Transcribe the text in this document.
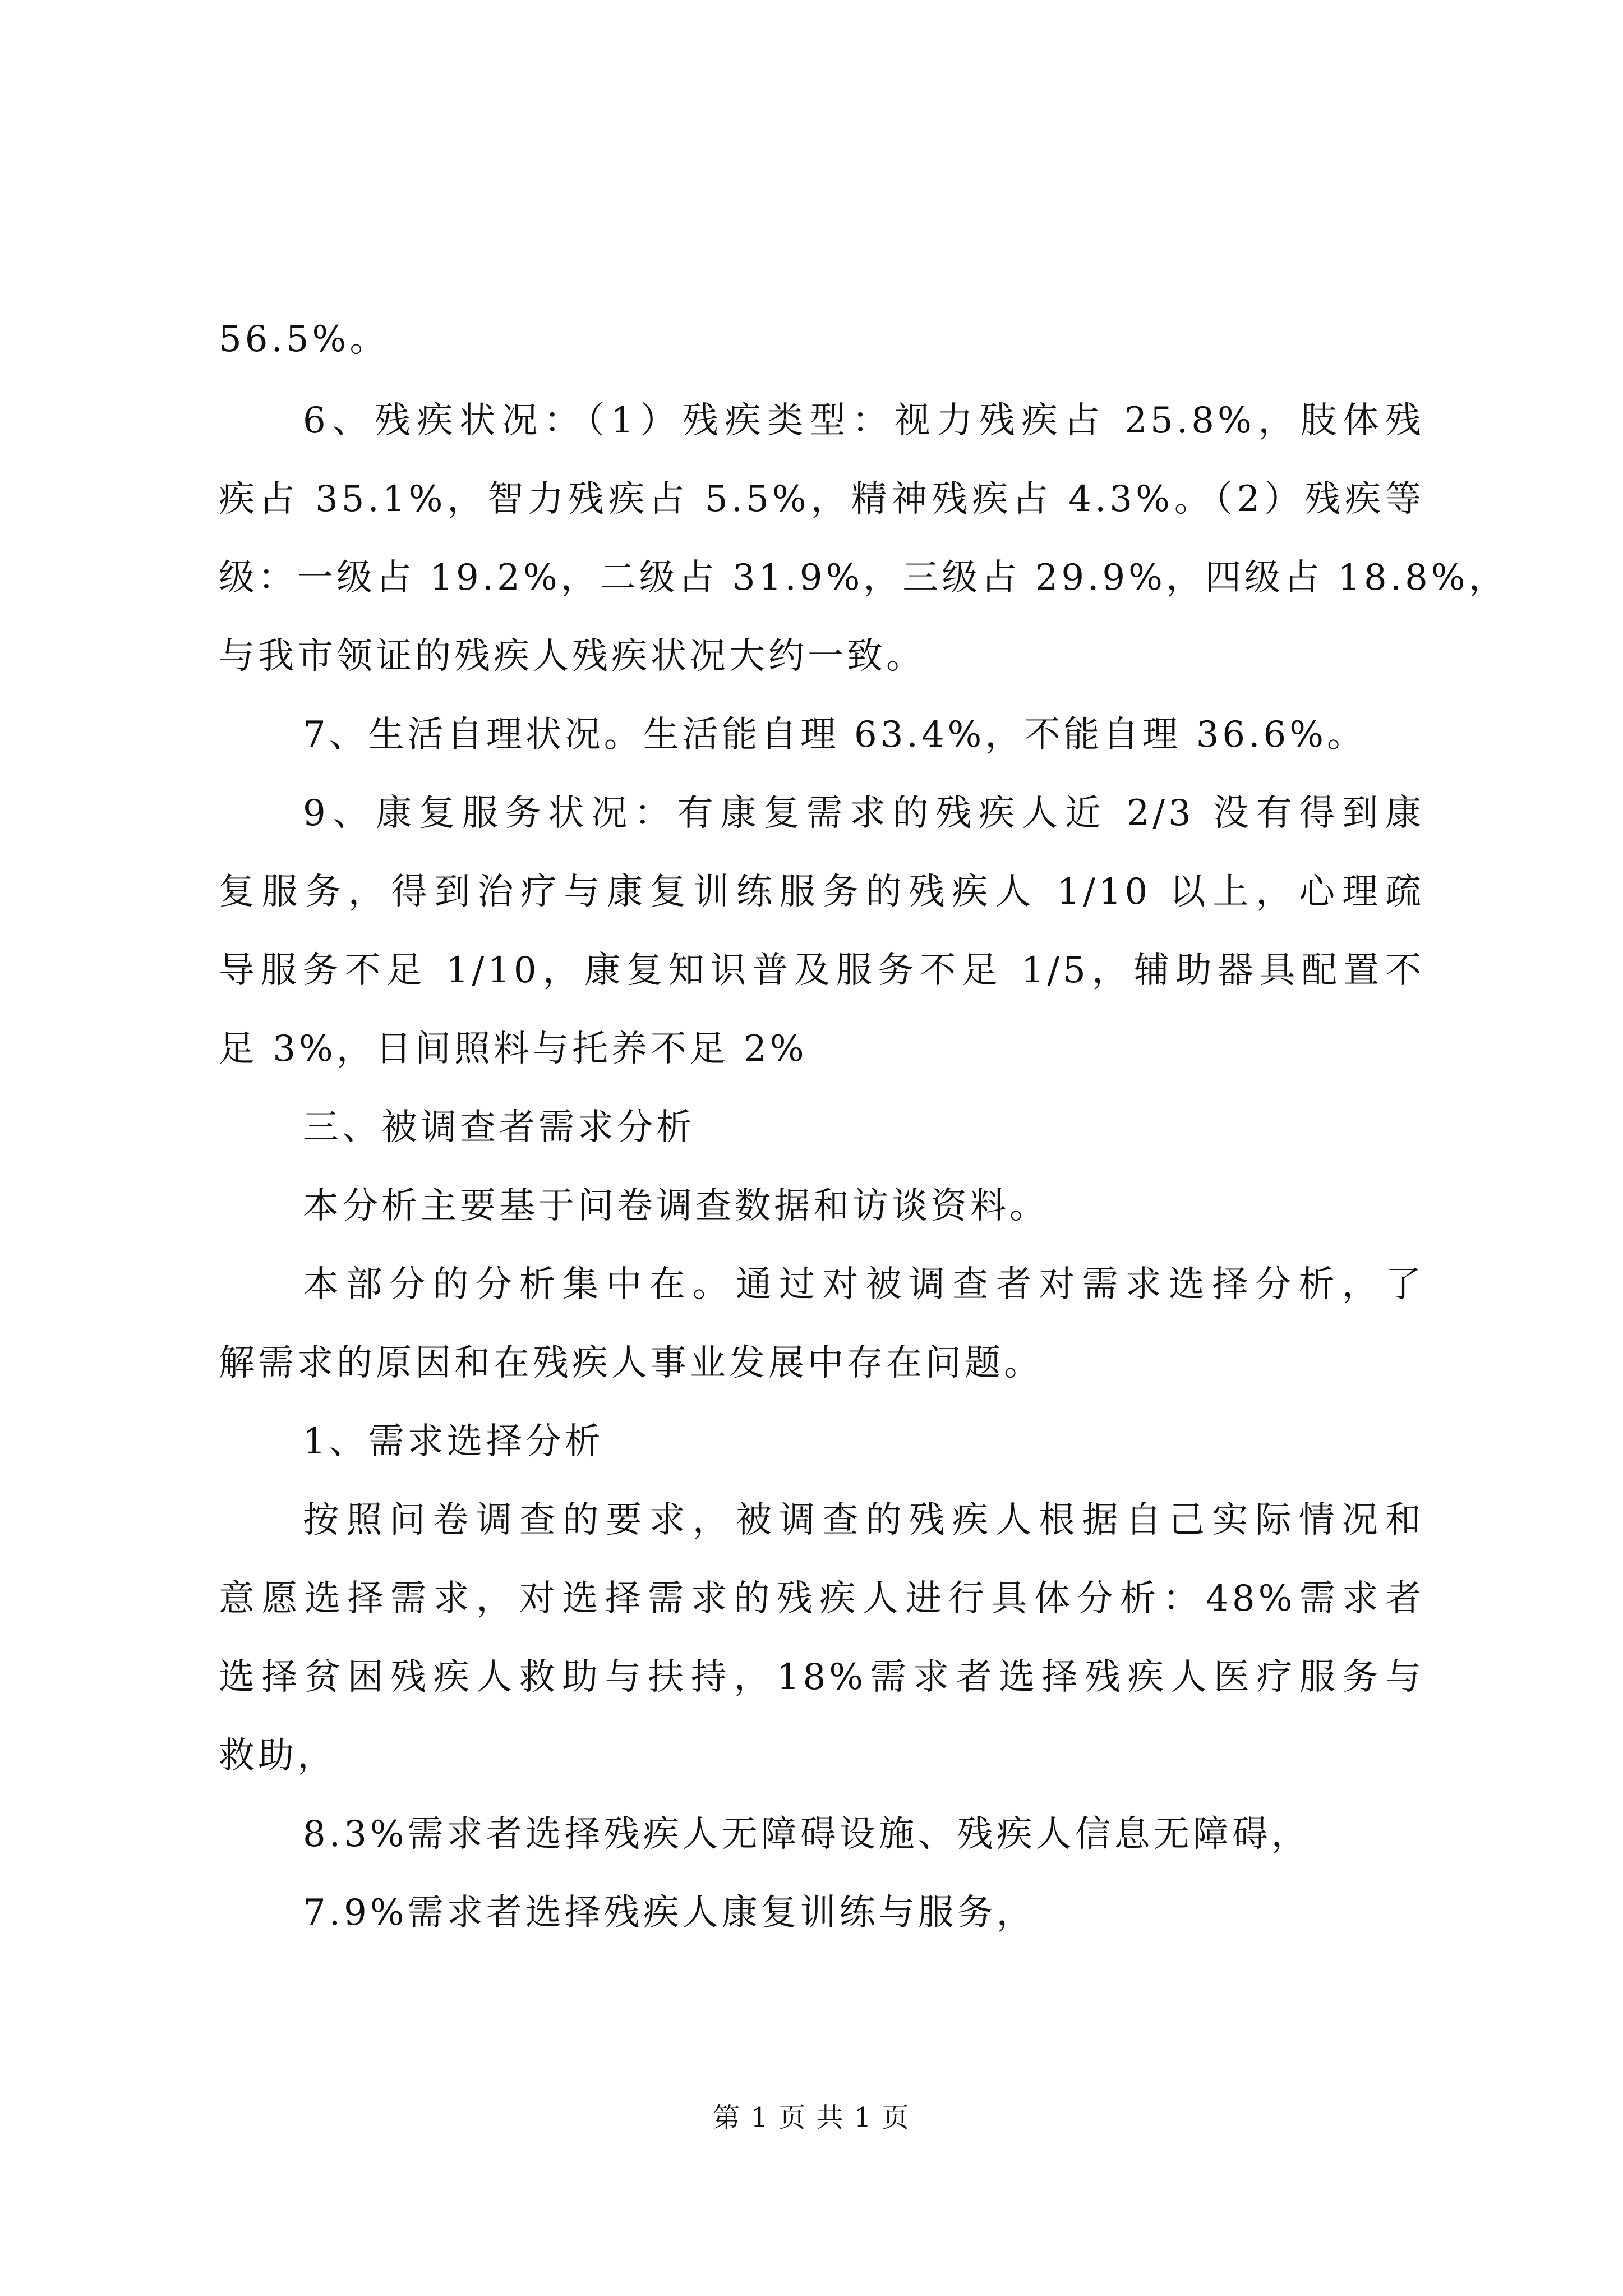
56.5%。
6、残疾状况：（1）残疾类型：视力残疾占 25.8%，肢体残
疾占 35.1%，智力残疾占 5.5%，精神残疾占 4.3%。（2）残疾等
级：一级占 19.2%，二级占 31.9%，三级占 29.9%，四级占 18.8%，
与我市领证的残疾人残疾状况大约一致。
7、生活自理状况。生活能自理 63.4%，不能自理 36.6%。
9、康复服务状况：有康复需求的残疾人近 2/3 没有得到康
复服务，得到治疗与康复训练服务的残疾人 1/10 以上，心理疏
导服务不足 1/10，康复知识普及服务不足 1/5，辅助器具配置不
足 3%，日间照料与托养不足 2%
三、被调查者需求分析
本分析主要基于问卷调查数据和访谈资料。
本部分的分析集中在。通过对被调查者对需求选择分析，了
解需求的原因和在残疾人事业发展中存在问题。
1、需求选择分析
按照问卷调查的要求，被调查的残疾人根据自己实际情况和
意愿选择需求，对选择需求的残疾人进行具体分析：48%需求者
选择贫困残疾人救助与扶持，18%需求者选择残疾人医疗服务与
救助，
8.3%需求者选择残疾人无障碍设施、残疾人信息无障碍，
7.9%需求者选择残疾人康复训练与服务，
第 1 页 共 1 页
